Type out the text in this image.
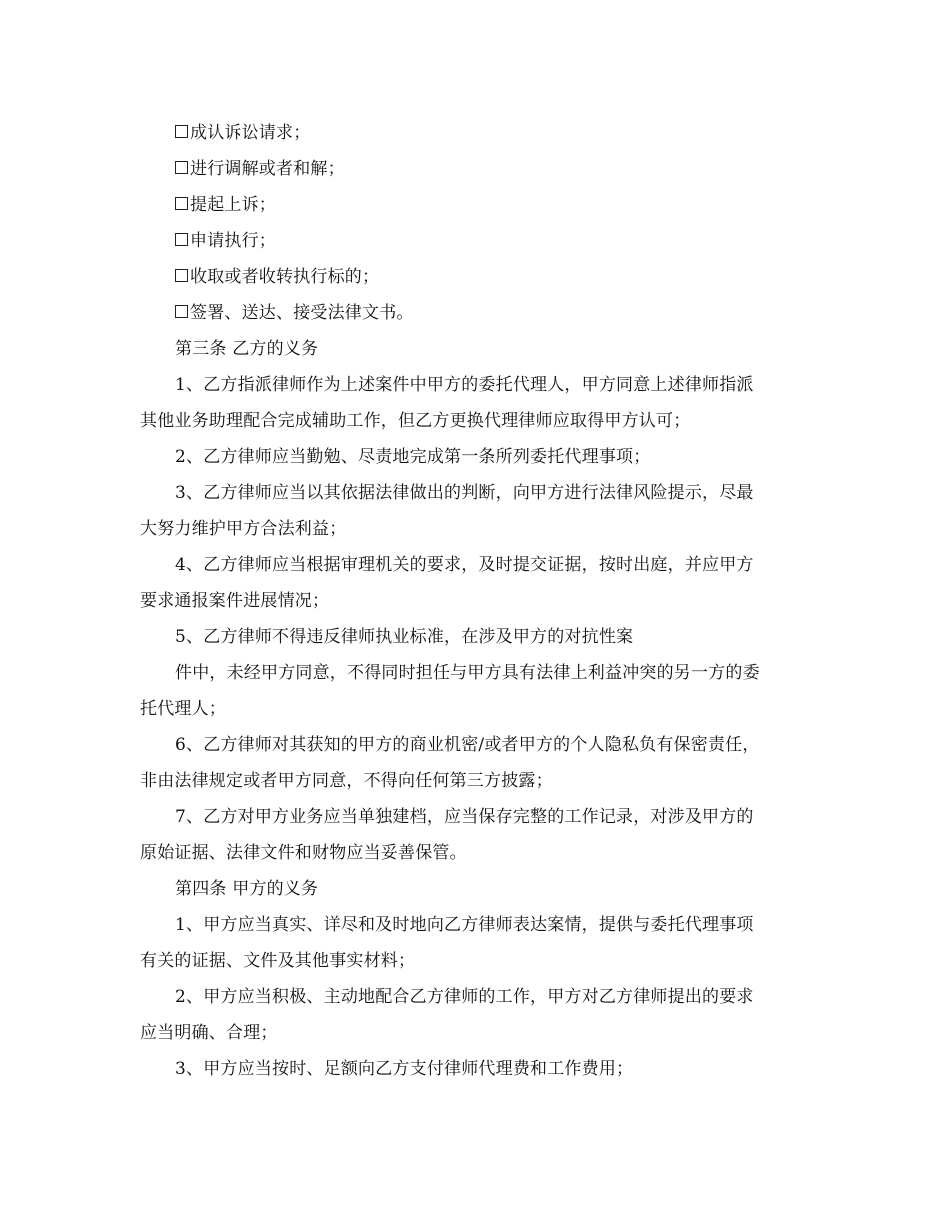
成认诉讼请求；
进行调解或者和解；
提起上诉；
申请执行；
收取或者收转执行标的；
签署、送达、接受法律文书。
第三条 乙方的义务
1、乙方指派律师作为上述案件中甲方的委托代理人，甲方同意上述律师指派
其他业务助理配合完成辅助工作，但乙方更换代理律师应取得甲方认可；
2、乙方律师应当勤勉、尽责地完成第一条所列委托代理事项；
3、乙方律师应当以其依据法律做出的判断，向甲方进行法律风险提示，尽最
大努力维护甲方合法利益；
4、乙方律师应当根据审理机关的要求，及时提交证据，按时出庭，并应甲方
要求通报案件进展情况；
5、乙方律师不得违反律师执业标准，在涉及甲方的对抗性案
件中，未经甲方同意，不得同时担任与甲方具有法律上利益冲突的另一方的委
托代理人；
6、乙方律师对其获知的甲方的商业机密/或者甲方的个人隐私负有保密责任，
非由法律规定或者甲方同意，不得向任何第三方披露；
7、乙方对甲方业务应当单独建档，应当保存完整的工作记录，对涉及甲方的
原始证据、法律文件和财物应当妥善保管。
第四条 甲方的义务
1、甲方应当真实、详尽和及时地向乙方律师表达案情，提供与委托代理事项
有关的证据、文件及其他事实材料；
2、甲方应当积极、主动地配合乙方律师的工作，甲方对乙方律师提出的要求
应当明确、合理；
3、甲方应当按时、足额向乙方支付律师代理费和工作费用；
